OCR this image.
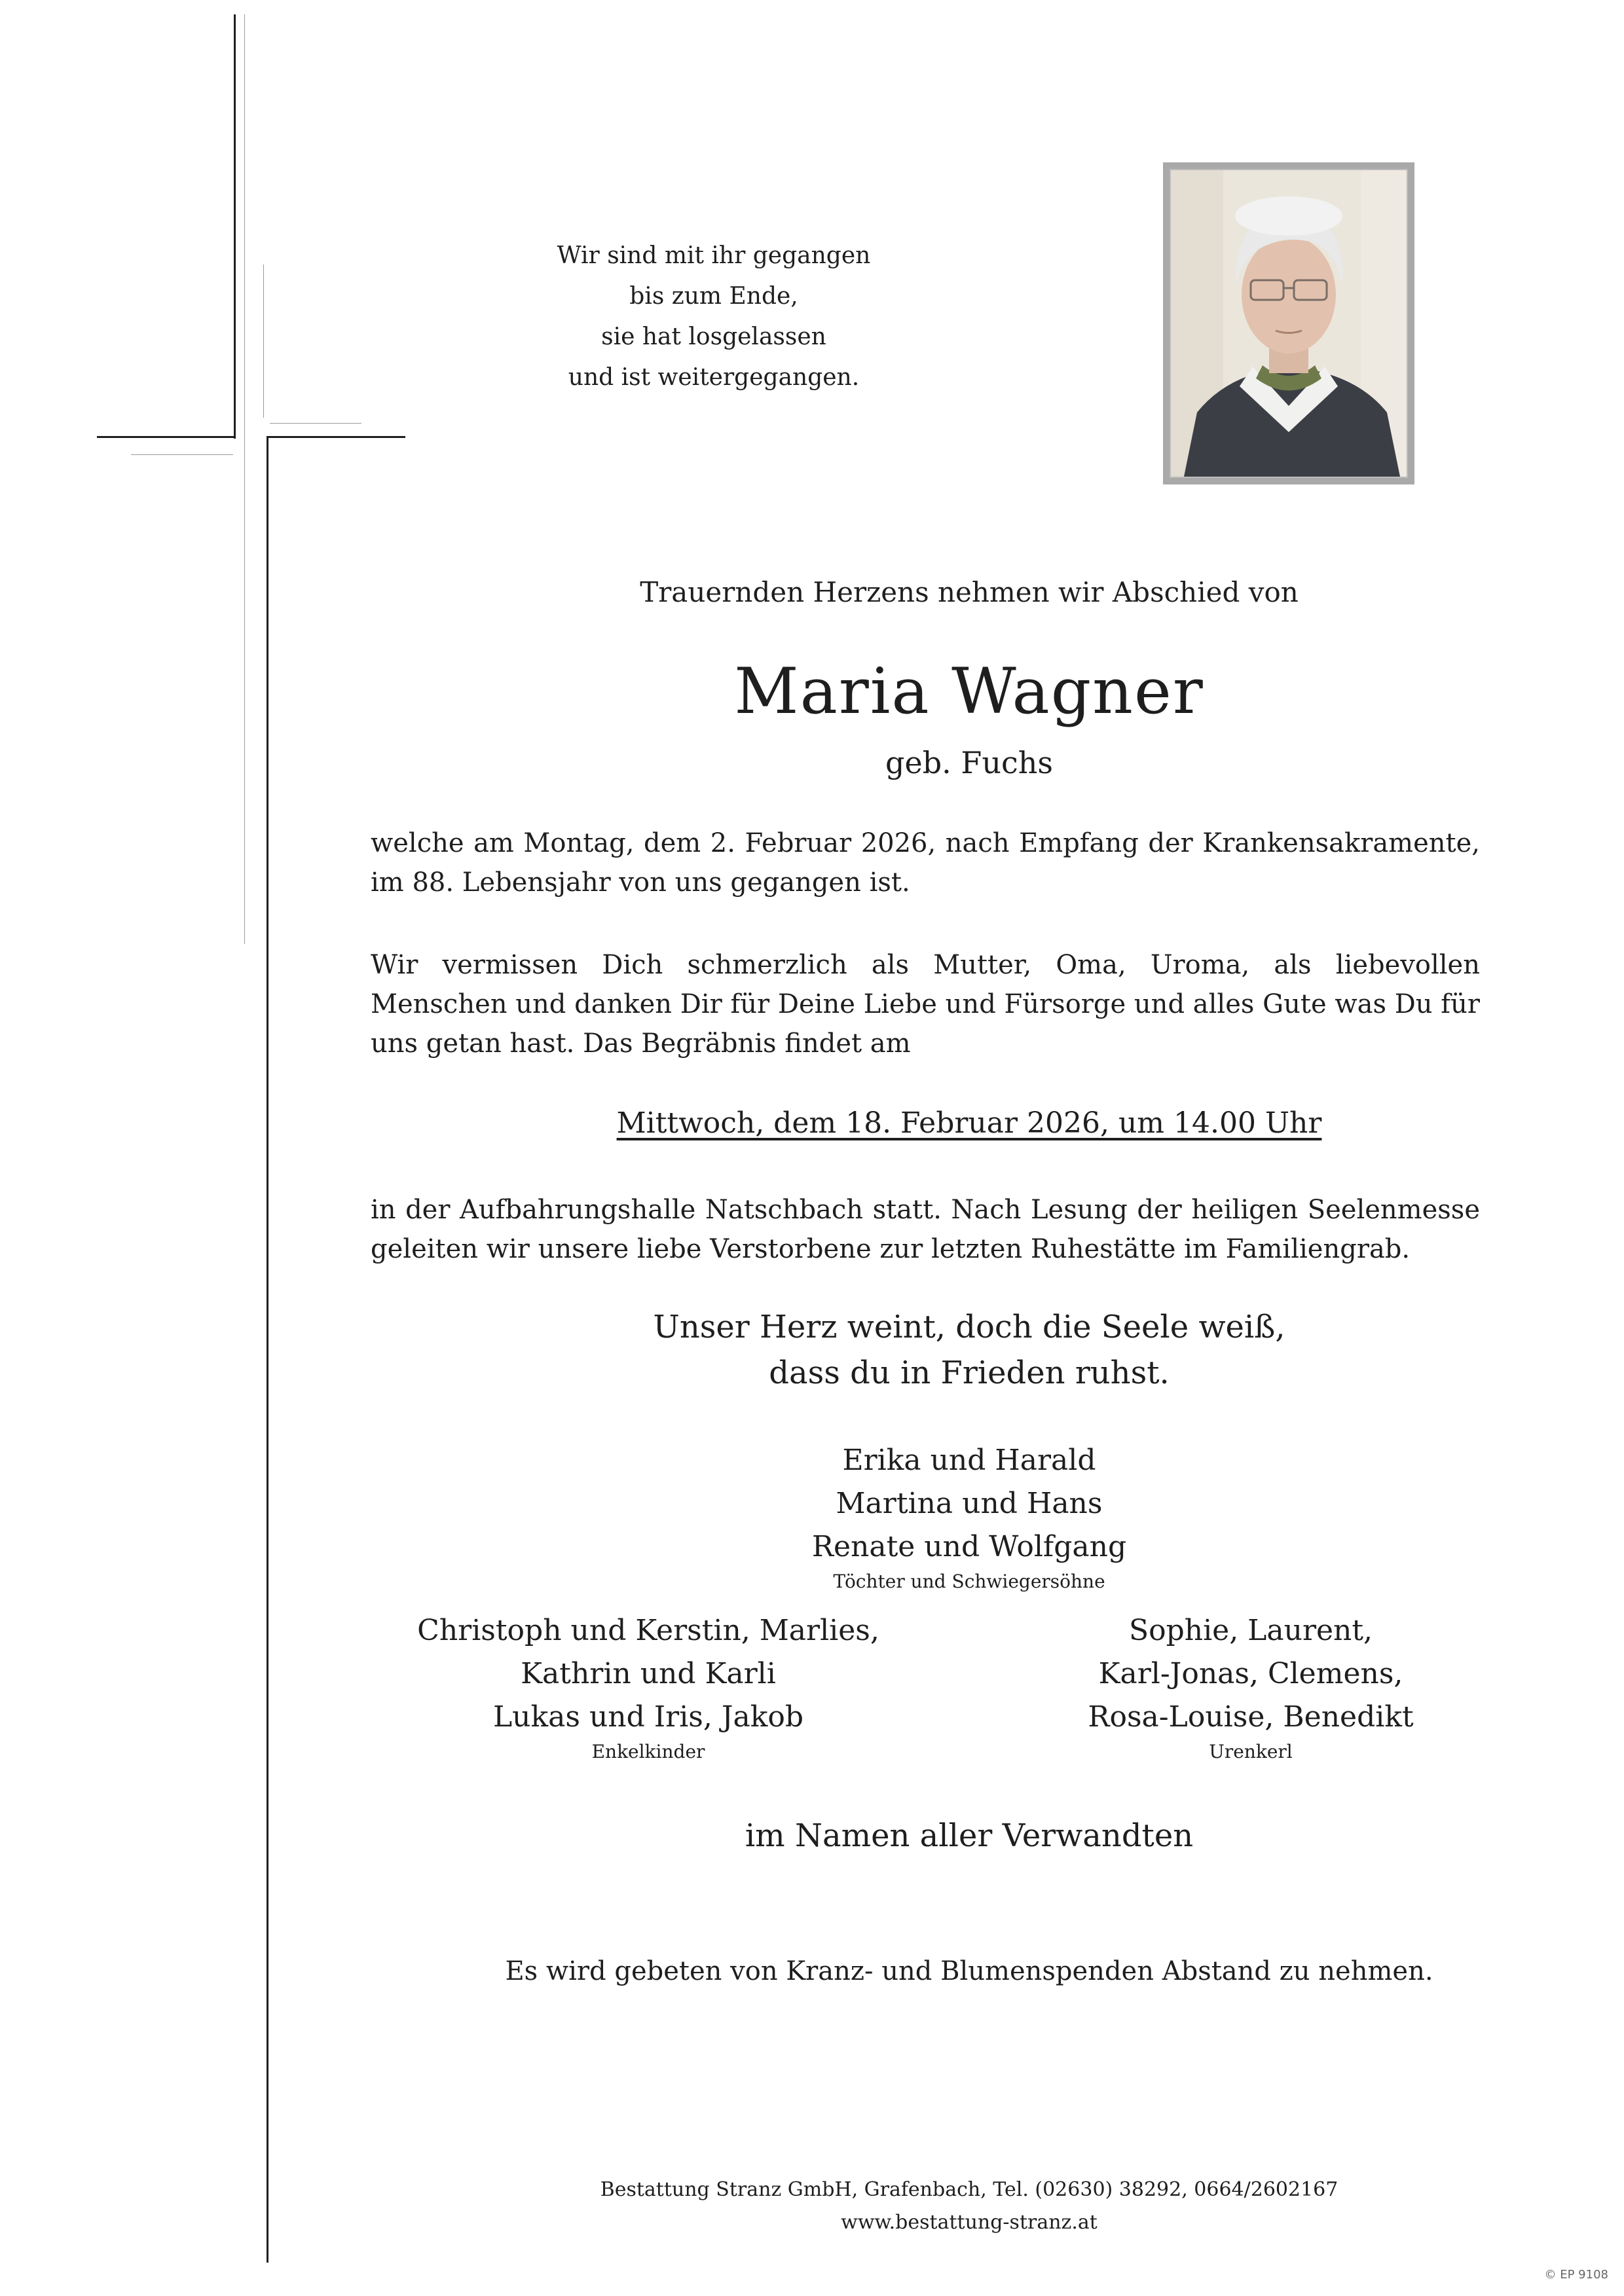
Wir sind mit ihr gegangen
bis zum Ende,
sie hat losgelassen
und ist weitergegangen.
Trauernden Herzens nehmen wir Abschied von
Maria Wagner
geb. Fuchs
welche am Montag, dem 2. Februar 2026, nach Empfang der Krankensakramente, im 88. Lebensjahr von uns gegangen ist.
Wir vermissen Dich schmerzlich als Mutter, Oma, Uroma, als liebevollen Menschen und danken Dir für Deine Liebe und Fürsorge und alles Gute was Du für uns getan hast. Das Begräbnis findet am
Mittwoch, dem 18. Februar 2026, um 14.00 Uhr
in der Aufbahrungshalle Natschbach statt. Nach Lesung der heiligen Seelenmesse geleiten wir unsere liebe Verstorbene zur letzten Ruhestätte im Familiengrab.
Unser Herz weint, doch die Seele weiß,
dass du in Frieden ruhst.
Erika und Harald
Martina und Hans
Renate und Wolfgang
Töchter und Schwiegersöhne
Christoph und Kerstin, Marlies,
Kathrin und Karli
Lukas und Iris, Jakob
Enkelkinder
Sophie, Laurent,
Karl-Jonas, Clemens,
Rosa-Louise, Benedikt
Urenkerl
im Namen aller Verwandten
Es wird gebeten von Kranz- und Blumenspenden Abstand zu nehmen.
Bestattung Stranz GmbH, Grafenbach, Tel. (02630) 38292, 0664/2602167
www.bestattung-stranz.at
© EP 9108
